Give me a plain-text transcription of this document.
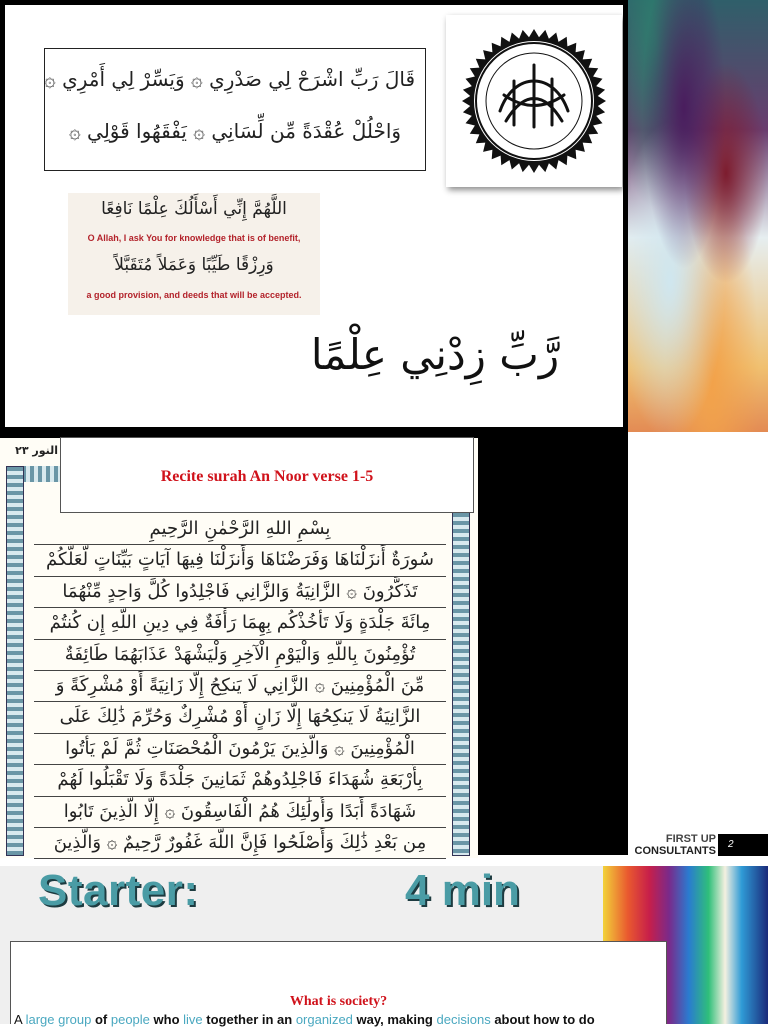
قَالَ رَبِّ اشْرَحْ لِي صَدْرِي ۞ وَيَسِّرْ لِي أَمْرِي ۞
وَاحْلُلْ عُقْدَةً مِّن لِّسَانِي ۞ يَفْقَهُوا قَوْلِي ۞
اللَّهُمَّ إِنِّي أَسْأَلُكَ عِلْمًا نَافِعًا
O Allah, I ask You for knowledge that is of benefit,
وَرِزْقًا طَيِّبًا وَعَمَلاً مُتَقَبَّلاً
a good provision, and deeds that will be accepted.
رَّبِّ زِدْنِي عِلْمًا
النور ٢٣
بِسْمِ اللهِ الرَّحْمٰنِ الرَّحِيمِ
سُورَةٌ أَنزَلْنَاهَا وَفَرَضْنَاهَا وَأَنزَلْنَا فِيهَا آيَاتٍ بَيِّنَاتٍ لَّعَلَّكُمْ
تَذَكَّرُونَ ۞ الزَّانِيَةُ وَالزَّانِي فَاجْلِدُوا كُلَّ وَاحِدٍ مِّنْهُمَا
مِائَةَ جَلْدَةٍ وَلَا تَأْخُذْكُم بِهِمَا رَأْفَةٌ فِي دِينِ اللَّهِ إِن كُنتُمْ
تُؤْمِنُونَ بِاللَّهِ وَالْيَوْمِ الْآخِرِ وَلْيَشْهَدْ عَذَابَهُمَا طَائِفَةٌ
مِّنَ الْمُؤْمِنِينَ ۞ الزَّانِي لَا يَنكِحُ إِلَّا زَانِيَةً أَوْ مُشْرِكَةً وَ
الزَّانِيَةُ لَا يَنكِحُهَا إِلَّا زَانٍ أَوْ مُشْرِكٌ وَحُرِّمَ ذَٰلِكَ عَلَى
الْمُؤْمِنِينَ ۞ وَالَّذِينَ يَرْمُونَ الْمُحْصَنَاتِ ثُمَّ لَمْ يَأْتُوا
بِأَرْبَعَةِ شُهَدَاءَ فَاجْلِدُوهُمْ ثَمَانِينَ جَلْدَةً وَلَا تَقْبَلُوا لَهُمْ
شَهَادَةً أَبَدًا وَأُولَٰئِكَ هُمُ الْفَاسِقُونَ ۞ إِلَّا الَّذِينَ تَابُوا
مِن بَعْدِ ذَٰلِكَ وَأَصْلَحُوا فَإِنَّ اللَّهَ غَفُورٌ رَّحِيمٌ ۞ وَالَّذِينَ
Recite surah An Noor verse 1-5
FIRST UP
CONSULTANTS
2
Starter:	4 min
What is society?
A large group of people who live together in an organized way, making decisions about how to do
